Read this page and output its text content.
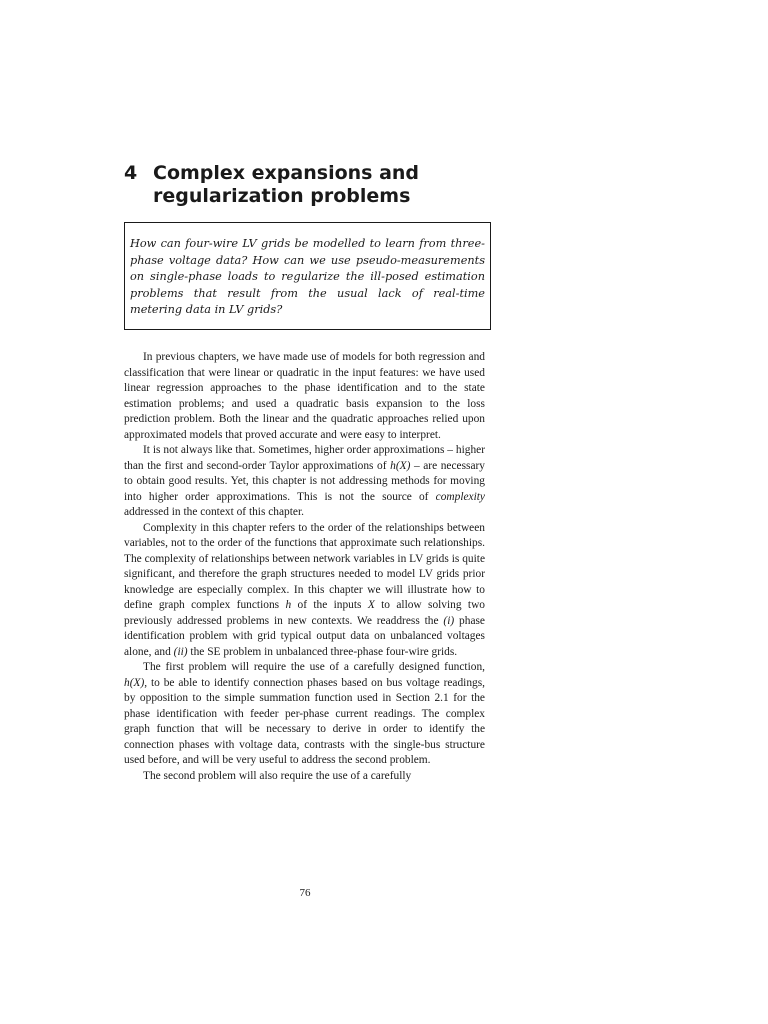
4 Complex expansions and regularization problems

How can four-wire LV grids be modelled to learn from three-phase voltage data? How can we use pseudo-measurements on single-phase loads to regularize the ill-posed estimation problems that result from the usual lack of real-time metering data in LV grids?

In previous chapters, we have made use of models for both regression and classification that were linear or quadratic in the input features: we have used linear regression approaches to the phase identification and to the state estimation problems; and used a quadratic basis expansion to the loss prediction problem. Both the linear and the quadratic approaches relied upon approximated models that proved accurate and were easy to interpret.

It is not always like that. Sometimes, higher order approximations – higher than the first and second-order Taylor approximations of h(X) – are necessary to obtain good results. Yet, this chapter is not addressing methods for moving into higher order approximations. This is not the source of complexity addressed in the context of this chapter.

Complexity in this chapter refers to the order of the relationships between variables, not to the order of the functions that approximate such relationships. The complexity of relationships between network variables in LV grids is quite significant, and therefore the graph structures needed to model LV grids prior knowledge are especially complex. In this chapter we will illustrate how to define graph complex functions h of the inputs X to allow solving two previously addressed problems in new contexts. We readdress the (i) phase identification problem with grid typical output data on unbalanced voltages alone, and (ii) the SE problem in unbalanced three-phase four-wire grids.

The first problem will require the use of a carefully designed function, h(X), to be able to identify connection phases based on bus voltage readings, by opposition to the simple summation function used in Section 2.1 for the phase identification with feeder per-phase current readings. The complex graph function that will be necessary to derive in order to identify the connection phases with voltage data, contrasts with the single-bus structure used before, and will be very useful to address the second problem.

The second problem will also require the use of a carefully

76
